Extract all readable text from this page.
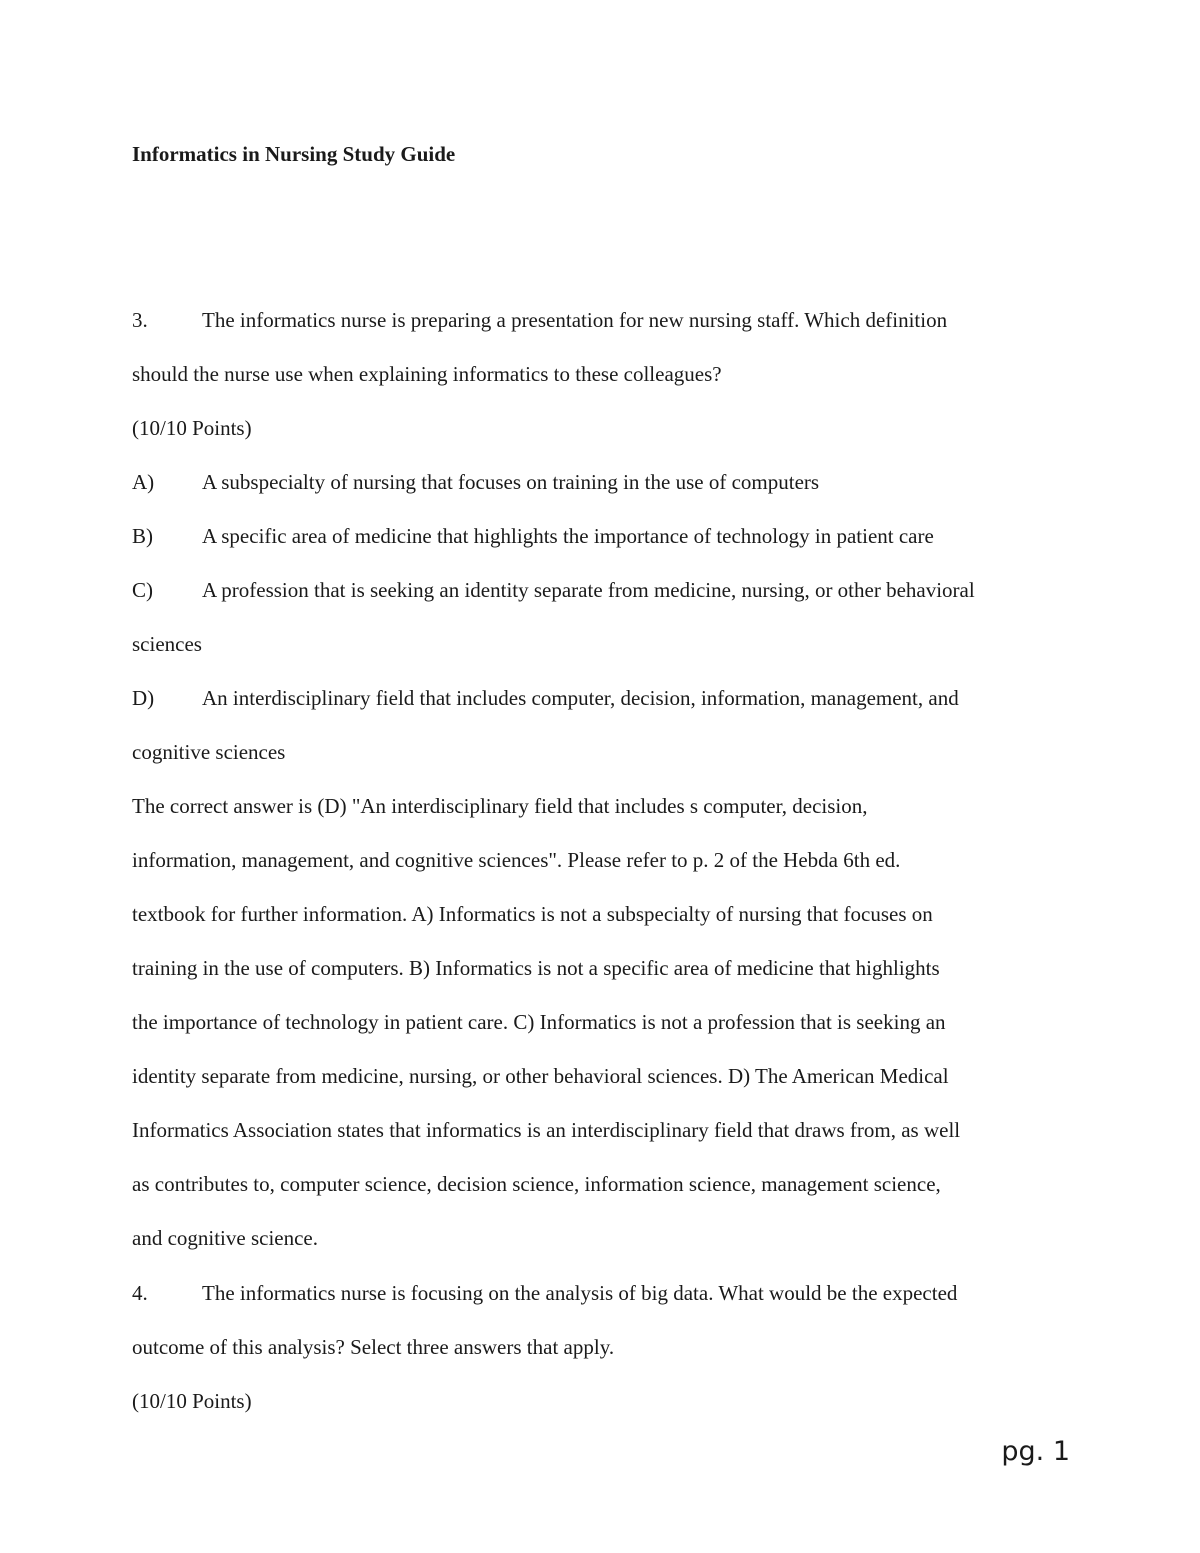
Informatics in Nursing Study Guide
3.	The informatics nurse is preparing a presentation for new nursing staff. Which definition
should the nurse use when explaining informatics to these colleagues?
(10/10 Points)
A) A subspecialty of nursing that focuses on training in the use of computers
B) A specific area of medicine that highlights the importance of technology in patient care
C) A profession that is seeking an identity separate from medicine, nursing, or other behavioral
sciences
D) An interdisciplinary field that includes computer, decision, information, management, and
cognitive sciences
The correct answer is (D) "An interdisciplinary field that includes s computer, decision,
information, management, and cognitive sciences". Please refer to p. 2 of the Hebda 6th ed.
textbook for further information. A) Informatics is not a subspecialty of nursing that focuses on
training in the use of computers. B) Informatics is not a specific area of medicine that highlights
the importance of technology in patient care. C) Informatics is not a profession that is seeking an
identity separate from medicine, nursing, or other behavioral sciences. D) The American Medical
Informatics Association states that informatics is an interdisciplinary field that draws from, as well
as contributes to, computer science, decision science, information science, management science,
and cognitive science.
4.	The informatics nurse is focusing on the analysis of big data. What would be the expected
outcome of this analysis? Select three answers that apply.
(10/10 Points)
pg. 1
